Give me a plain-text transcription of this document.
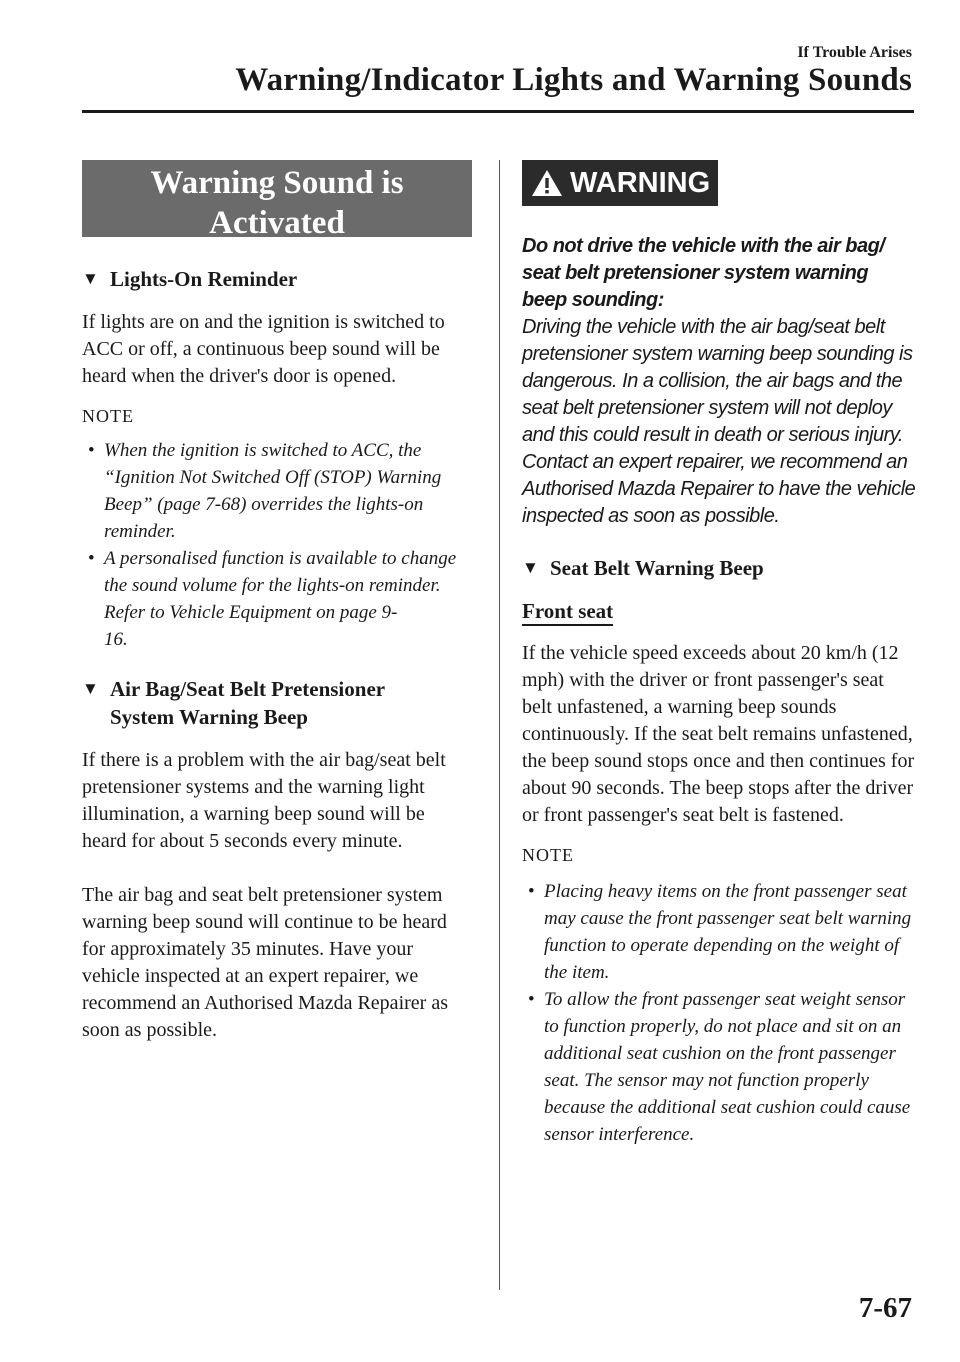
If Trouble Arises
Warning/Indicator Lights and Warning Sounds
Warning Sound is
Activated
▼ Lights-On Reminder

If lights are on and the ignition is switched to ACC or off, a continuous beep sound will be heard when the driver's door is opened.

NOTE

• When the ignition is switched to ACC, the “Ignition Not Switched Off (STOP) Warning Beep” (page 7-68) overrides the lights-on reminder.
• A personalised function is available to change the sound volume for the lights-on reminder.
Refer to Vehicle Equipment on page 9-
16.
▼ Air Bag/Seat Belt Pretensioner
System Warning Beep

If there is a problem with the air bag/seat belt pretensioner systems and the warning light illumination, a warning beep sound will be heard for about 5 seconds every minute.

The air bag and seat belt pretensioner system warning beep sound will continue to be heard for approximately 35 minutes. Have your vehicle inspected at an expert repairer, we recommend an Authorised Mazda Repairer as soon as possible.

WARNING

Do not drive the vehicle with the air bag/ seat belt pretensioner system warning beep sounding:

Driving the vehicle with the air bag/seat belt pretensioner system warning beep sounding is dangerous. In a collision, the air bags and the seat belt pretensioner system will not deploy and this could result in death or serious injury. Contact an expert repairer, we recommend an Authorised Mazda Repairer to have the vehicle inspected as soon as possible.

▼ Seat Belt Warning Beep

Front seat

If the vehicle speed exceeds about 20 km/h (12 mph) with the driver or front passenger's seat belt unfastened, a warning beep sounds continuously. If the seat belt remains unfastened, the beep sound stops once and then continues for about 90 seconds. The beep stops after the driver or front passenger's seat belt is fastened.

NOTE

• Placing heavy items on the front passenger seat may cause the front passenger seat belt warning function to operate depending on the weight of the item.
• To allow the front passenger seat weight sensor to function properly, do not place and sit on an additional seat cushion on the front passenger seat. The sensor may not function properly because the additional seat cushion could cause sensor interference.
7-67
